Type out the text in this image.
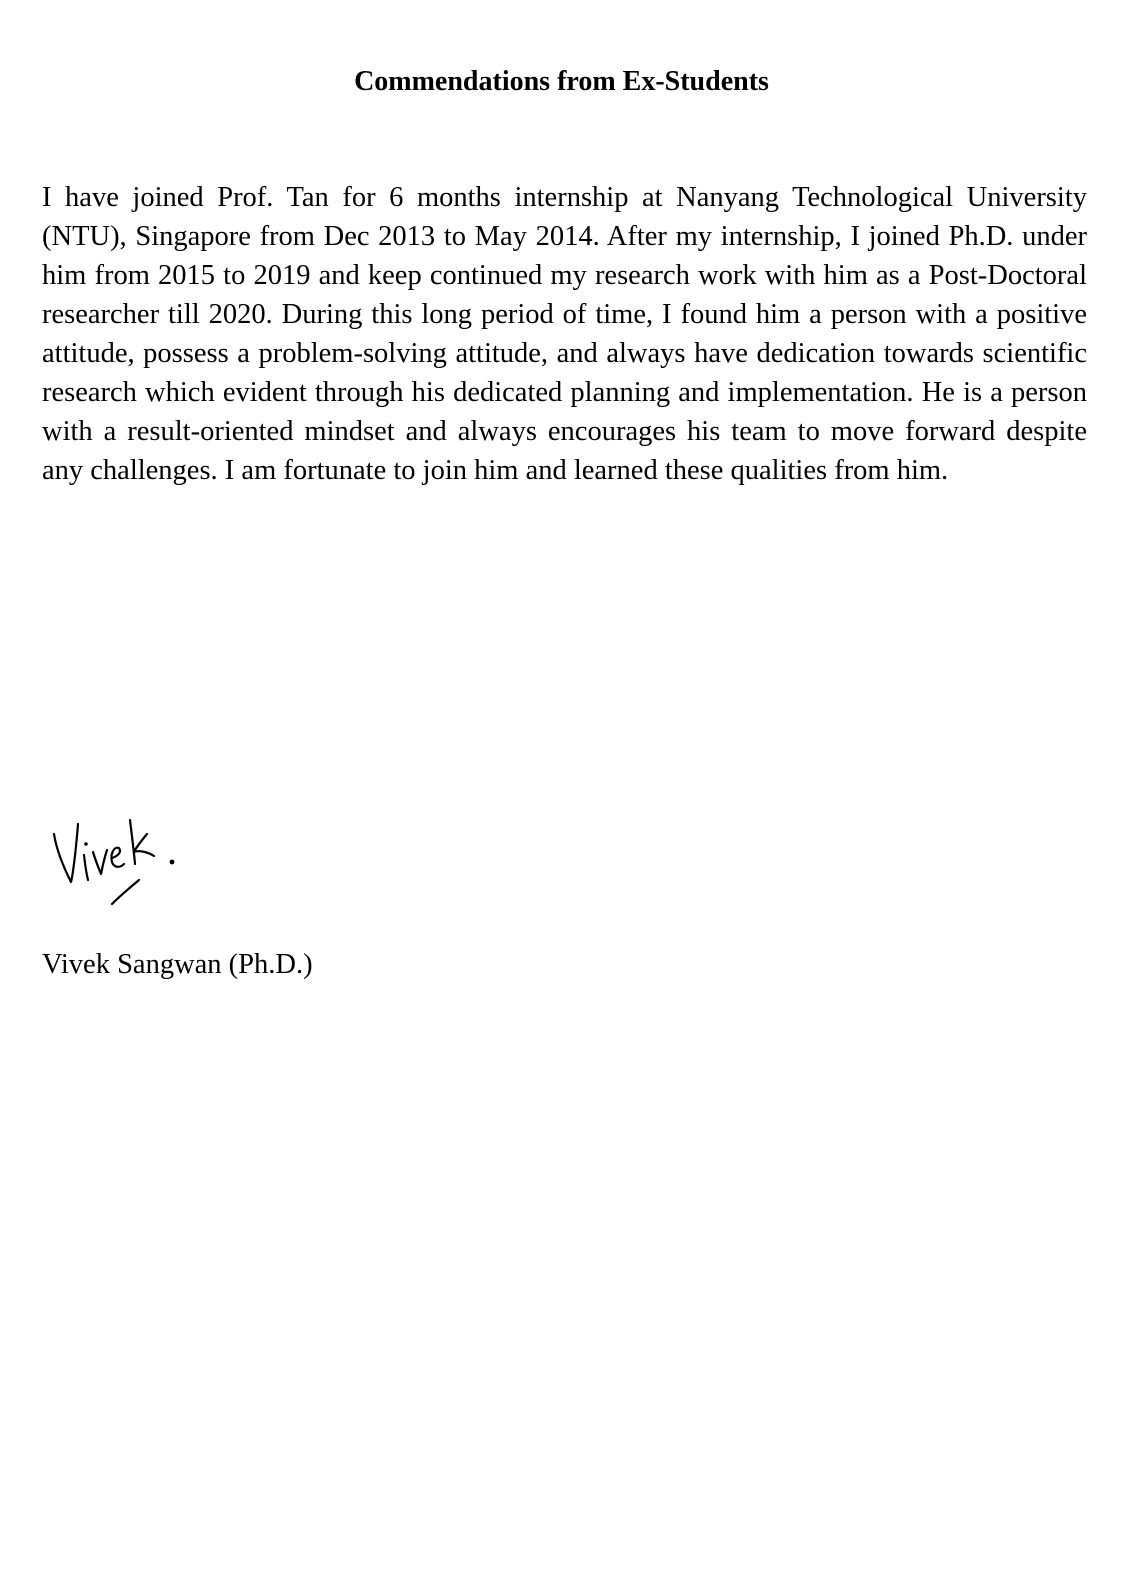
Commendations from Ex-Students

I have joined Prof. Tan for 6 months internship at Nanyang Technological University (NTU), Singapore from Dec 2013 to May 2014. After my internship, I joined Ph.D. under him from 2015 to 2019 and keep continued my research work with him as a Post-Doctoral researcher till 2020. During this long period of time, I found him a person with a positive attitude, possess a problem-solving attitude, and always have dedication towards scientific research which evident through his dedicated planning and implementation. He is a person with a result-oriented mindset and always encourages his team to move forward despite any challenges. I am fortunate to join him and learned these qualities from him.

Vivek Sangwan (Ph.D.)
